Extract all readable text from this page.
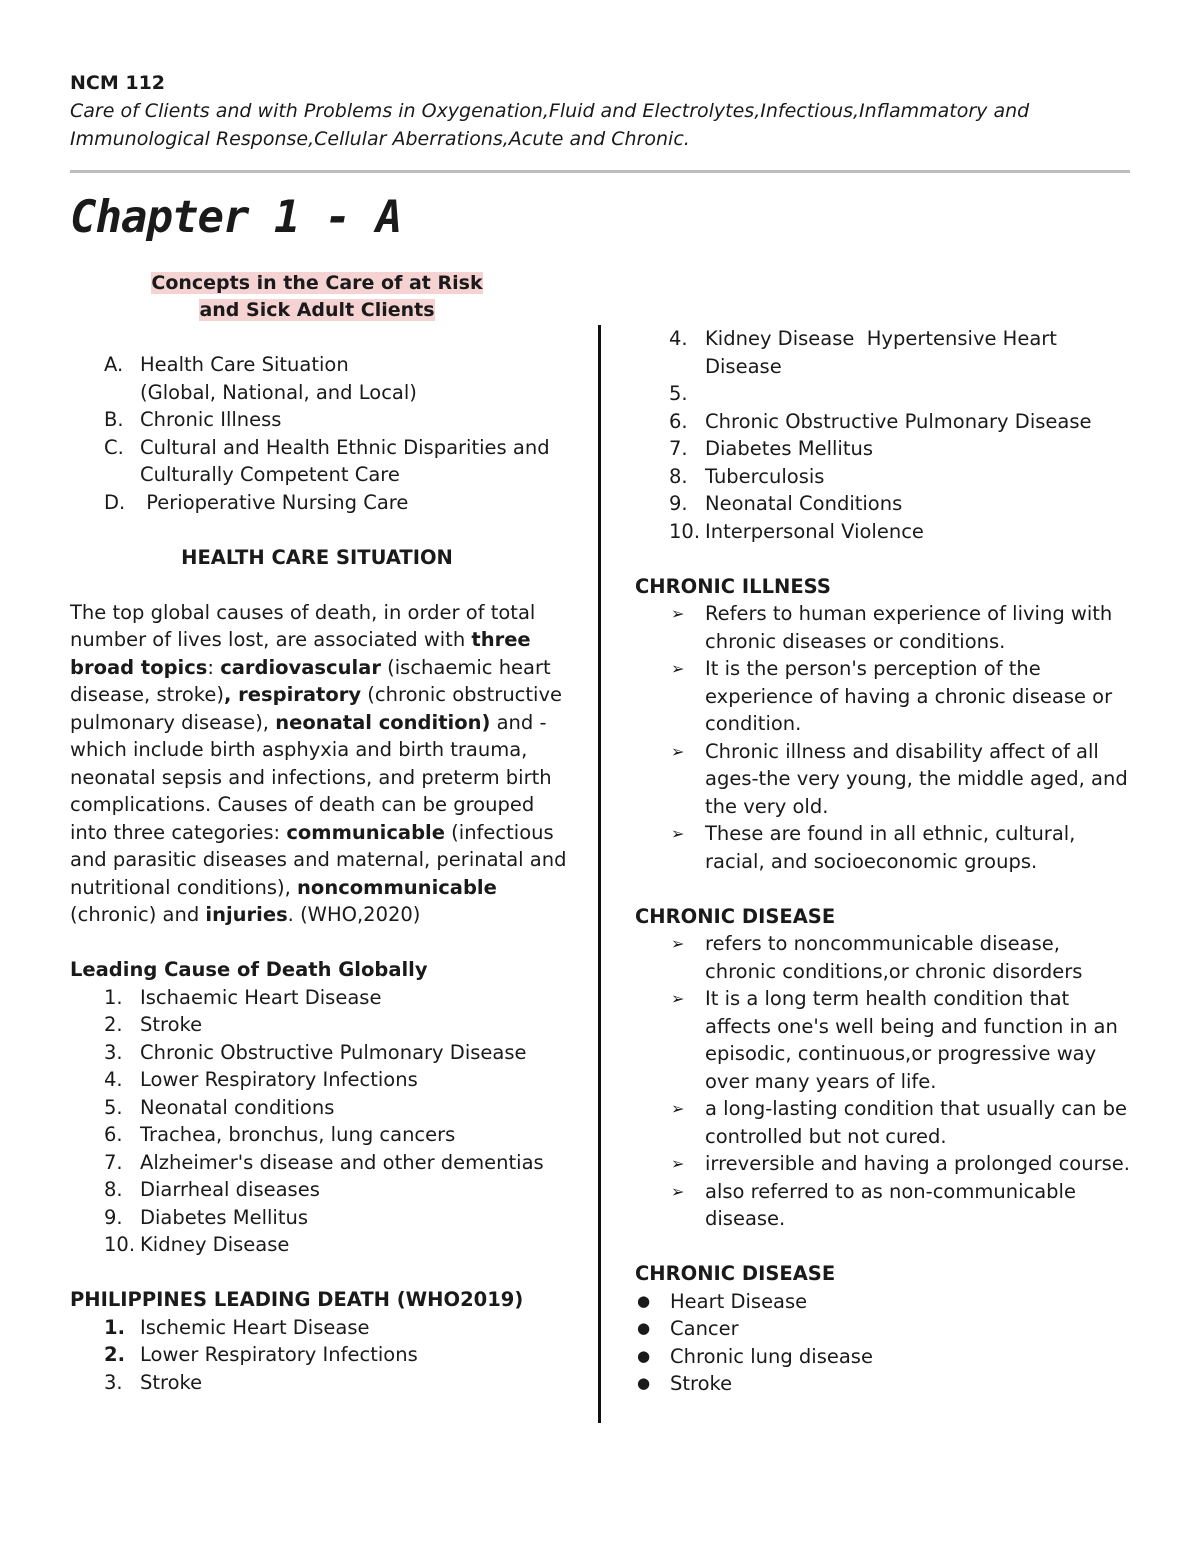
NCM 112
Care of Clients and with Problems in Oxygenation,Fluid and Electrolytes,Infectious,Inflammatory and Immunological Response,Cellular Aberrations,Acute and Chronic.
Chapter 1 - A
Concepts in the Care of at Risk
and Sick Adult Clients
A. Health Care Situation
(Global, National, and Local)
B. Chronic Illness
C. Cultural and Health Ethnic Disparities and
Culturally Competent Care
D. Perioperative Nursing Care
HEALTH CARE SITUATION

The top global causes of death, in order of total number of lives lost, are associated with three broad topics: cardiovascular (ischaemic heart disease, stroke), respiratory (chronic obstructive pulmonary disease), neonatal condition) and - which include birth asphyxia and birth trauma, neonatal sepsis and infections, and preterm birth complications. Causes of death can be grouped into three categories: communicable (infectious and parasitic diseases and maternal, perinatal and nutritional conditions), noncommunicable (chronic) and injuries. (WHO,2020)

Leading Cause of Death Globally
1. Ischaemic Heart Disease
2. Stroke
3. Chronic Obstructive Pulmonary Disease
4. Lower Respiratory Infections
5. Neonatal conditions
6. Trachea, bronchus, lung cancers
7. Alzheimer's disease and other dementias
8. Diarrheal diseases
9. Diabetes Mellitus
10. Kidney Disease
PHILIPPINES LEADING DEATH (WHO2019)
1. Ischemic Heart Disease
2. Lower Respiratory Infections
3. Stroke
4. Kidney Disease  Hypertensive Heart
Disease
5.

6. Chronic Obstructive Pulmonary Disease
7. Diabetes Mellitus
8. Tuberculosis
9. Neonatal Conditions
10. Interpersonal Violence
CHRONIC ILLNESS
➢ Refers to human experience of living with chronic diseases or conditions.
➢ It is the person's perception of the experience of having a chronic disease or condition.
➢ Chronic illness and disability affect of all ages-the very young, the middle aged, and the very old.
➢ These are found in all ethnic, cultural, racial, and socioeconomic groups.
CHRONIC DISEASE
➢ refers to noncommunicable disease, chronic conditions,or chronic disorders
➢ It is a long term health condition that affects one's well being and function in an episodic, continuous,or progressive way over many years of life.
➢ a long-lasting condition that usually can be controlled but not cured.
➢ irreversible and having a prolonged course.
➢ also referred to as non-communicable disease.
CHRONIC DISEASE
● Heart Disease
● Cancer
● Chronic lung disease
● Stroke
